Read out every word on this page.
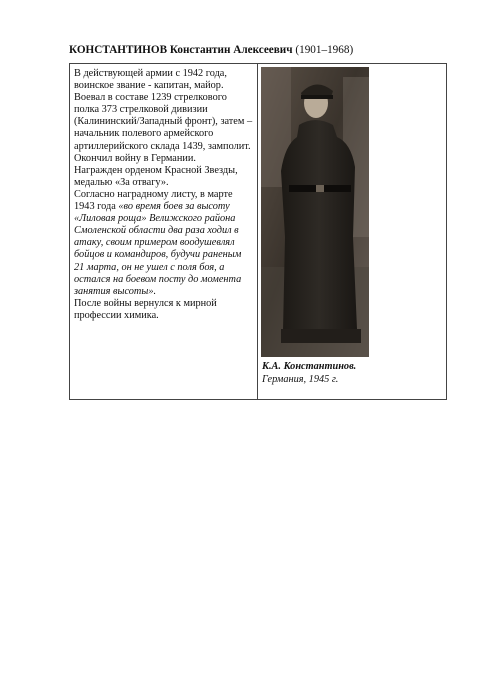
КОНСТАНТИНОВ Константин Алексеевич (1901–1968)

В действующей армии с 1942 года, воинское звание - капитан, майор. Воевал в составе 1239 стрелкового полка 373 стрелковой дивизии (Калининский/Западный фронт), затем – начальник полевого армейского артиллерийского склада 1439, замполит.

Окончил войну в Германии.

Награжден орденом Красной Звезды, медалью «За отвагу».

Согласно наградному листу, в марте 1943 года «во время боев за высоту «Лиловая роща» Велижского района Смоленской области два раза ходил в атаку, своим примером воодушевлял бойцов и командиров, будучи раненым 21 марта, он не ушел с поля боя, а остался на боевом посту до момента занятия высоты».

После войны вернулся к мирной профессии химика.

К.А. Константинов.
Германия, 1945 г.
